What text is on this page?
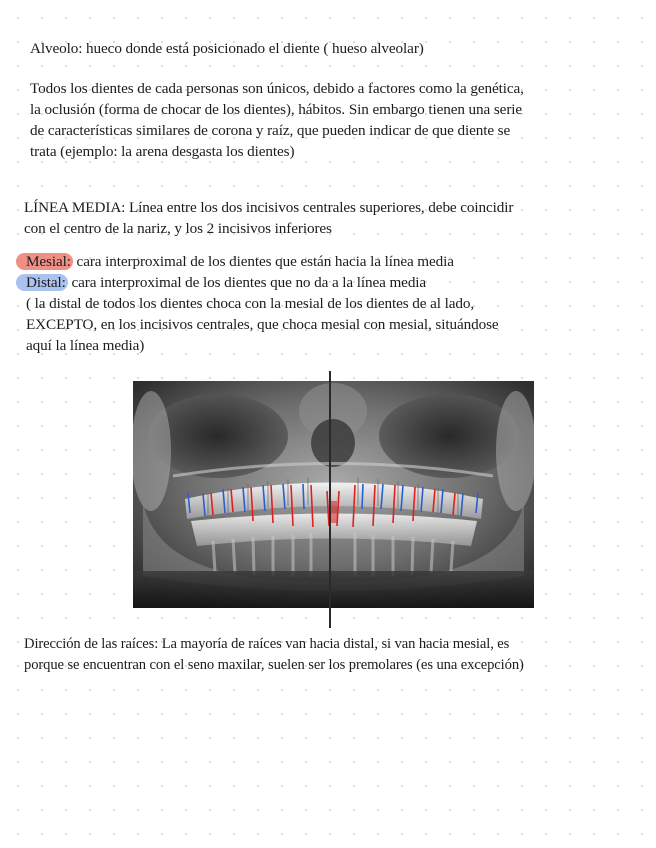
Alveolo: hueco donde está posicionado el diente ( hueso alveolar)

Todos los dientes de cada personas son únicos, debido a factores como la genética,

la oclusión (forma de chocar de los dientes), hábitos. Sin embargo tienen una serie

de características similares de corona y raíz, que pueden indicar de que diente se

trata (ejemplo: la arena desgasta los dientes)

LÍNEA MEDIA: Línea entre los dos incisivos centrales superiores, debe coincidir

con el centro de la nariz, y los 2 incisivos inferiores

Mesial: cara interproximal de los dientes que están hacia la línea media

Distal: cara interproximal de los dientes que no da a la línea media

( la distal de todos los dientes choca con la mesial de los dientes de al lado,

EXCEPTO, en los incisivos centrales, que choca mesial con mesial, situándose

aquí la línea media)

Dirección de las raíces: La mayoría de raíces van hacia distal, si van hacia mesial, es

porque se encuentran con el seno maxilar, suelen ser los premolares (es una excepción)
